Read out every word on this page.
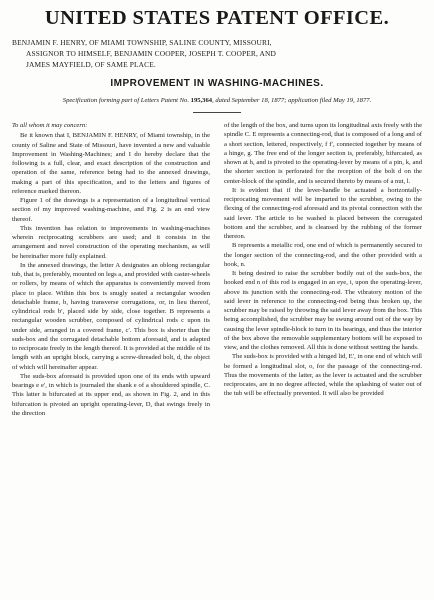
UNITED STATES PATENT OFFICE.
BENJAMIN F. HENRY, OF MIAMI TOWNSHIP, SALINE COUNTY, MISSOURI,
ASSIGNOR TO HIMSELF, BENJAMIN COOPER, JOSEPH T. COOPER, AND
JAMES MAYFIELD, OF SAME PLACE.
IMPROVEMENT IN WASHING-MACHINES.
Specification forming part of Letters Patent No. 195,364, dated September 18, 1877; application filed May 19, 1877.

To all whom it may concern:

Be it known that I, BENJAMIN F. HENRY, of Miami township, in the county of Saline and State of Missouri, have invented a new and valuable Improvement in Washing-Machines; and I do hereby declare that the following is a full, clear, and exact description of the construction and operation of the same, reference being had to the annexed drawings, making a part of this specification, and to the letters and figures of reference marked thereon.

Figure 1 of the drawings is a representation of a longitudinal vertical section of my improved washing-machine, and Fig. 2 is an end view thereof.

This invention has relation to improvements in washing-machines wherein reciprocating scrubbers are used; and it consists in the arrangement and novel construction of the operating mechanism, as will be hereinafter more fully explained.

In the annexed drawings, the letter A designates an oblong rectangular tub, that is, preferably, mounted on legs a, and provided with caster-wheels or rollers, by means of which the apparatus is conveniently moved from place to place. Within this box is snugly seated a rectangular wooden detachable frame, b, having transverse corrugations, or, in lieu thereof, cylindrical rods b′, placed side by side, close together. B represents a rectangular wooden scrubber, composed of cylindrical rods c upon its under side, arranged in a covered frame, c′. This box is shorter than the suds-box and the corrugated detachable bottom aforesaid, and is adapted to reciprocate freely in the length thereof. It is provided at the middle of its length with an upright block, carrying a screw-threaded bolt, d, the object of which will hereinafter appear.

The suds-box aforesaid is provided upon one of its ends with upward bearings e e′, in which is journaled the shank e of a shouldered spindle, C. This latter is bifurcated at its upper end, as shown in Fig. 2, and in this bifurcation is pivoted an upright operating-lever, D, that swings freely in the direction

of the length of the box, and turns upon its longitudinal axis freely with the spindle C. E represents a connecting-rod, that is composed of a long and of a short section, lettered, respectively, f f′, connected together by means of a hinge, g. The free end of the longer section is, preferably, bifurcated, as shown at h, and is pivoted to the operating-lever by means of a pin, k, and the shorter section is perforated for the reception of the bolt d on the center-block of the spindle, and is secured thereto by means of a nut, l.

It is evident that if the lever-handle be actuated a horizontally-reciprocating movement will be imparted to the scrubber, owing to the flexing of the connecting-rod aforesaid and its pivotal connection with the said lever. The article to be washed is placed between the corrugated bottom and the scrubber, and is cleansed by the rubbing of the former thereon.

B represents a metallic rod, one end of which is permanently secured to the longer section of the connecting-rod, and the other provided with a hook, n.

It being desired to raise the scrubber bodily out of the suds-box, the hooked end n of this rod is engaged in an eye, i, upon the operating-lever, above its junction with the connecting-rod. The vibratory motion of the said lever in reference to the connecting-rod being thus broken up, the scrubber may be raised by throwing the said lever away from the box. This being accomplished, the scrubber may be swung around out of the way by causing the lever spindle-block to turn in its bearings, and thus the interior of the box above the removable supplementary bottom will be exposed to view, and the clothes removed. All this is done without wetting the hands.

The suds-box is provided with a hinged lid, E′, in one end of which will be formed a longitudinal slot, o, for the passage of the connecting-rod. Thus the movements of the latter, as the lever is actuated and the scrubber reciprocates, are in no degree affected, while the splashing of water out of the tub will be effectually prevented. It will also be provided
